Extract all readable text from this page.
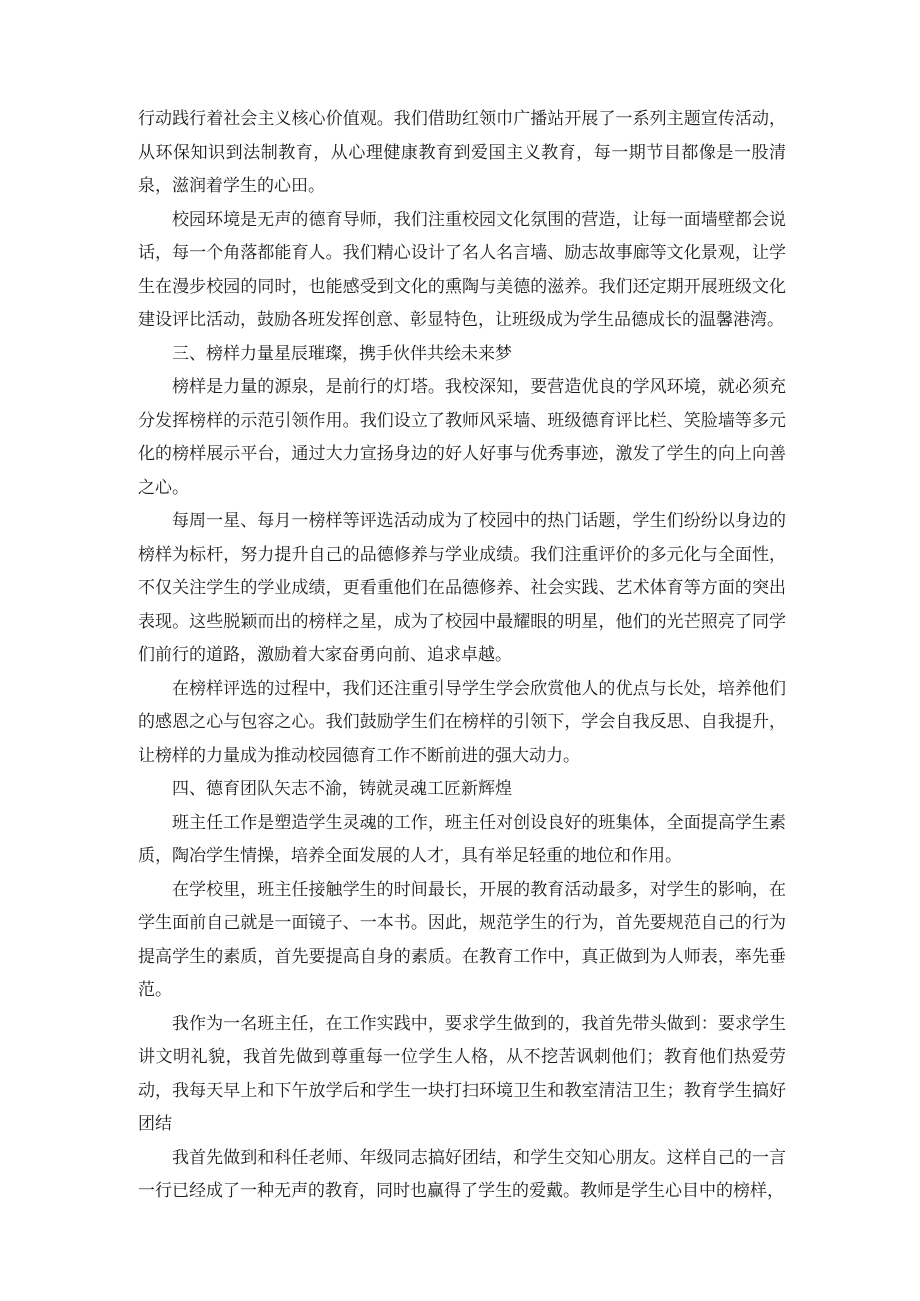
行动践行着社会主义核心价值观。我们借助红领巾广播站开展了一系列主题宣传活动，从环保知识到法制教育，从心理健康教育到爱国主义教育，每一期节目都像是一股清泉，滋润着学生的心田。

校园环境是无声的德育导师，我们注重校园文化氛围的营造，让每一面墙壁都会说话，每一个角落都能育人。我们精心设计了名人名言墙、励志故事廊等文化景观，让学生在漫步校园的同时，也能感受到文化的熏陶与美德的滋养。我们还定期开展班级文化建设评比活动，鼓励各班发挥创意、彰显特色，让班级成为学生品德成长的温馨港湾。

三、榜样力量星辰璀璨，携手伙伴共绘未来梦

榜样是力量的源泉，是前行的灯塔。我校深知，要营造优良的学风环境，就必须充分发挥榜样的示范引领作用。我们设立了教师风采墙、班级德育评比栏、笑脸墙等多元化的榜样展示平台，通过大力宣扬身边的好人好事与优秀事迹，激发了学生的向上向善之心。

每周一星、每月一榜样等评选活动成为了校园中的热门话题，学生们纷纷以身边的榜样为标杆，努力提升自己的品德修养与学业成绩。我们注重评价的多元化与全面性，不仅关注学生的学业成绩，更看重他们在品德修养、社会实践、艺术体育等方面的突出表现。这些脱颖而出的榜样之星，成为了校园中最耀眼的明星，他们的光芒照亮了同学们前行的道路，激励着大家奋勇向前、追求卓越。

在榜样评选的过程中，我们还注重引导学生学会欣赏他人的优点与长处，培养他们的感恩之心与包容之心。我们鼓励学生们在榜样的引领下，学会自我反思、自我提升，让榜样的力量成为推动校园德育工作不断前进的强大动力。

四、德育团队矢志不渝，铸就灵魂工匠新辉煌

班主任工作是塑造学生灵魂的工作，班主任对创设良好的班集体，全面提高学生素质，陶冶学生情操，培养全面发展的人才，具有举足轻重的地位和作用。

在学校里，班主任接触学生的时间最长，开展的教育活动最多，对学生的影响，在学生面前自己就是一面镜子、一本书。因此，规范学生的行为，首先要规范自己的行为提高学生的素质，首先要提高自身的素质。在教育工作中，真正做到为人师表，率先垂范。

我作为一名班主任，在工作实践中，要求学生做到的，我首先带头做到：要求学生讲文明礼貌，我首先做到尊重每一位学生人格，从不挖苦讽刺他们；教育他们热爱劳动，我每天早上和下午放学后和学生一块打扫环境卫生和教室清洁卫生；教育学生搞好团结

我首先做到和科任老师、年级同志搞好团结，和学生交知心朋友。这样自己的一言一行已经成了一种无声的教育，同时也赢得了学生的爱戴。教师是学生心目中的榜样，
